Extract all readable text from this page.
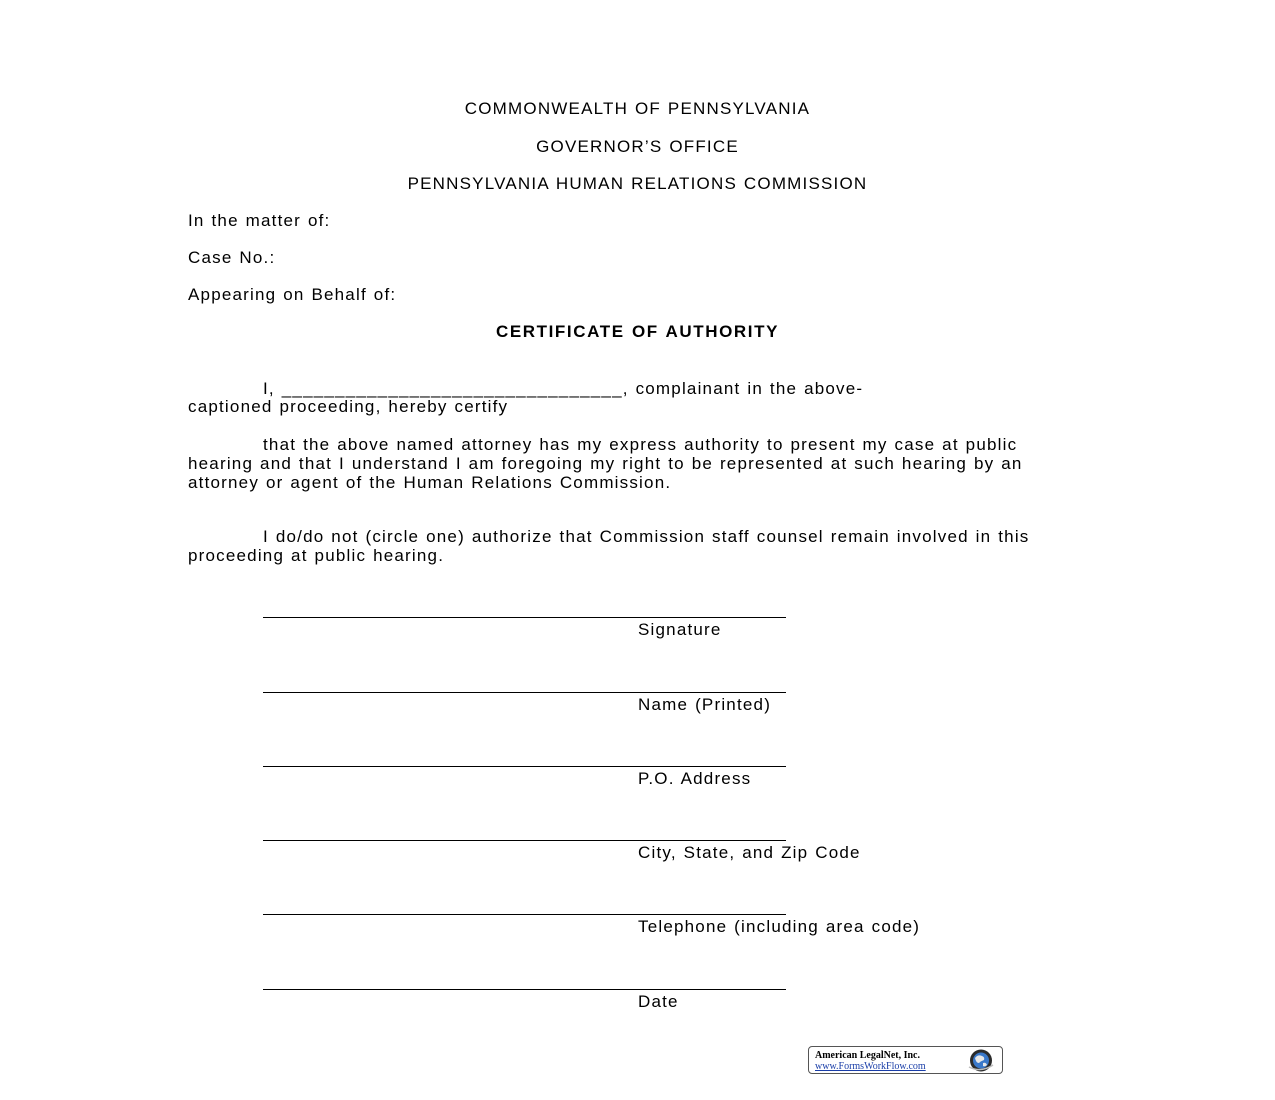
COMMONWEALTH OF PENNSYLVANIA
GOVERNOR’S OFFICE
PENNSYLVANIA HUMAN RELATIONS COMMISSION
In the matter of:
Case No.:
Appearing on Behalf of:
CERTIFICATE OF AUTHORITY
I, ________________________________, complainant in the above-
captioned proceeding, hereby certify
that the above named attorney has my express authority to present my case at public hearing and that I understand I am foregoing my right to be represented at such hearing by an attorney or agent of the Human Relations Commission.
I do/do not (circle one) authorize that Commission staff counsel remain involved in this proceeding at public hearing.
Signature
Name (Printed)
P.O. Address
City, State, and Zip Code
Telephone (including area code)
Date
American LegalNet, Inc.
www.FormsWorkFlow.com
